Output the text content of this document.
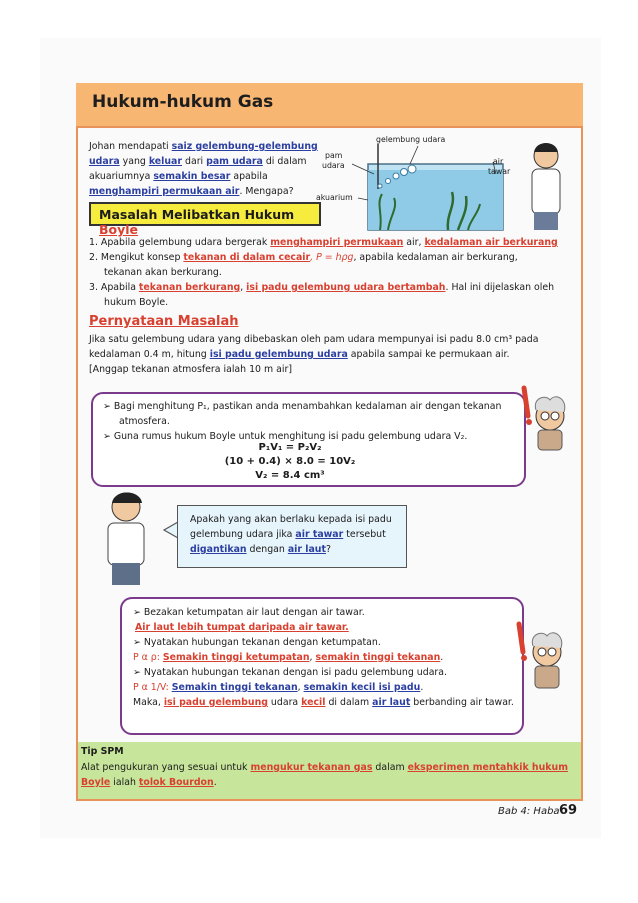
Hukum-hukum Gas
Johan mendapati saiz gelembung-gelembung
udara yang keluar dari pam udara di dalam
akuariumnya semakin besar apabila
menghampiri permukaan air. Mengapa?
gelembung udara
pam
udara	air
tawar
akuarium
Masalah Melibatkan Hukum Boyle
1. Apabila gelembung udara bergerak menghampiri permukaan air, kedalaman air berkurang
2. Mengikut konsep tekanan di dalam cecair, P = hρg, apabila kedalaman air berkurang,
tekanan akan berkurang.
3. Apabila tekanan berkurang, isi padu gelembung udara bertambah. Hal ini dijelaskan oleh
hukum Boyle.
Pernyataan Masalah
Jika satu gelembung udara yang dibebaskan oleh pam udara mempunyai isi padu 8.0 cm³ pada
kedalaman 0.4 m, hitung isi padu gelembung udara apabila sampai ke permukaan air.
[Anggap tekanan atmosfera ialah 10 m air]
➢ Bagi menghitung P₁, pastikan anda menambahkan kedalaman air dengan tekanan
atmosfera.
➢ Guna rumus hukum Boyle untuk menghitung isi padu gelembung udara V₂.
P₁V₁ = P₂V₂
(10 + 0.4) × 8.0 = 10V₂
V₂ = 8.4 cm³
Apakah yang akan berlaku kepada isi padu
gelembung udara jika air tawar tersebut
digantikan dengan air laut?
➢ Bezakan ketumpatan air laut dengan air tawar.
Air laut lebih tumpat daripada air tawar.
➢ Nyatakan hubungan tekanan dengan ketumpatan.
P α ρ: Semakin tinggi ketumpatan, semakin tinggi tekanan.
➢ Nyatakan hubungan tekanan dengan isi padu gelembung udara.
P α 1/V: Semakin tinggi tekanan, semakin kecil isi padu.
Maka, isi padu gelembung udara kecil di dalam air laut berbanding air tawar.
Tip SPM
Alat pengukuran yang sesuai untuk mengukur tekanan gas dalam eksperimen mentahkik hukum
Boyle ialah tolok Bourdon.
Bab 4: Haba 69
